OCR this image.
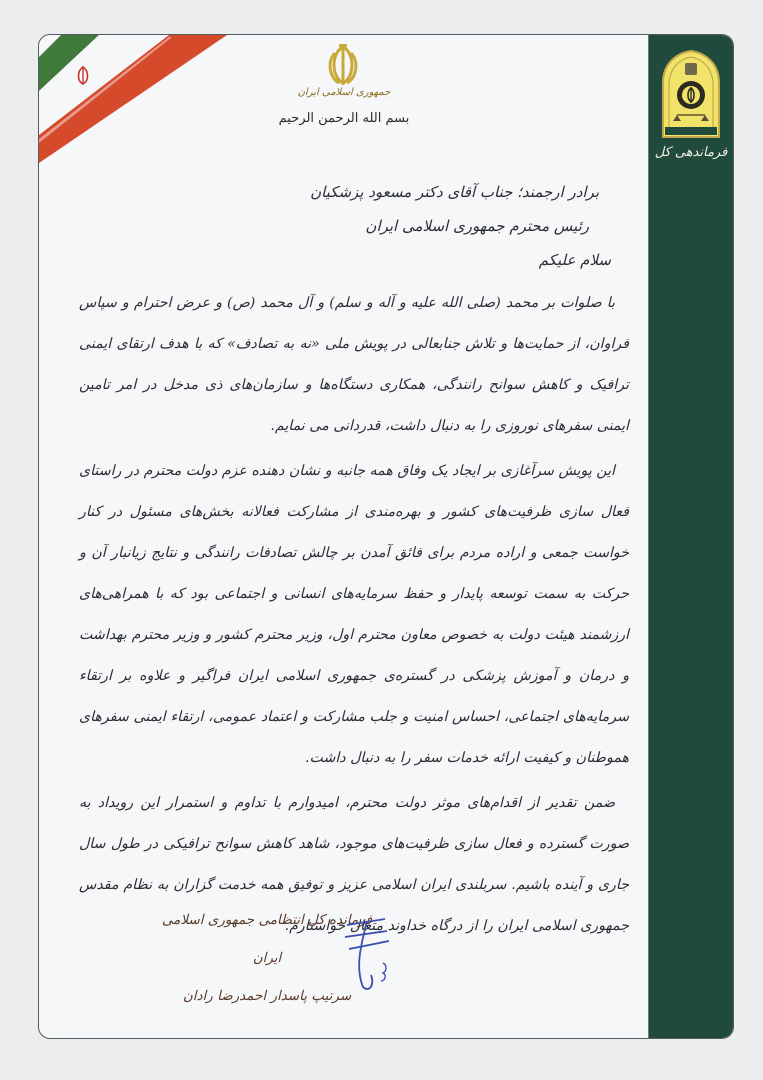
جمهوری اسلامی ایران
بسم الله الرحمن الرحیم
فرماندهی کل
برادر ارجمند؛ جناب آقای دکتر مسعود پزشکیان
رئیس محترم جمهوری اسلامی ایران
سلام علیکم

با صلوات بر محمد (صلی الله علیه و آله و سلم) و آل محمد (ص) و عرض احترام و سپاس فراوان، از حمایت‌ها و تلاش جنابعالی در پویش ملی «نه به تصادف» که با هدف ارتقای ایمنی ترافیک و کاهش سوانح رانندگی، همکاری دستگاه‌ها و سازمان‌های ذی مدخل در امر تامین ایمنی سفرهای نوروزی را به دنبال داشت، قدردانی می نمایم.

این پویش سرآغازی بر ایجاد یک وفاق همه جانبه و نشان دهنده عزم دولت محترم در راستای فعال سازی ظرفیت‌های کشور و بهره‌مندی از مشارکت فعالانه بخش‌های مسئول در کنار خواست جمعی و اراده مردم برای فائق آمدن بر چالش تصادفات رانندگی و نتایج زیانبار آن و حرکت به سمت توسعه پایدار و حفظ سرمایه‌های انسانی و اجتماعی بود که با همراهی‌های ارزشمند هیئت دولت به خصوص معاون محترم اول، وزیر محترم کشور و وزیر محترم بهداشت و درمان و آموزش پزشکی در گستره‌ی جمهوری اسلامی ایران فراگیر و علاوه بر ارتقاء سرمایه‌های اجتماعی، احساس امنیت و جلب مشارکت و اعتماد عمومی، ارتقاء ایمنی سفرهای هموطنان و کیفیت ارائه خدمات سفر را به دنبال داشت.

ضمن تقدیر از اقدام‌های موثر دولت محترم، امیدوارم با تداوم و استمرار این رویداد به صورت گسترده و فعال سازی ظرفیت‌های موجود، شاهد کاهش سوانح ترافیکی در طول سال جاری و آینده باشیم. سربلندی ایران اسلامی عزیز و توفیق همه خدمت گزاران به نظام مقدس جمهوری اسلامی ایران را از درگاه خداوند متعال خواستارم.

فرمانده کل انتظامی جمهوری اسلامی ایران
سرتیپ پاسدار احمدرضا رادان
